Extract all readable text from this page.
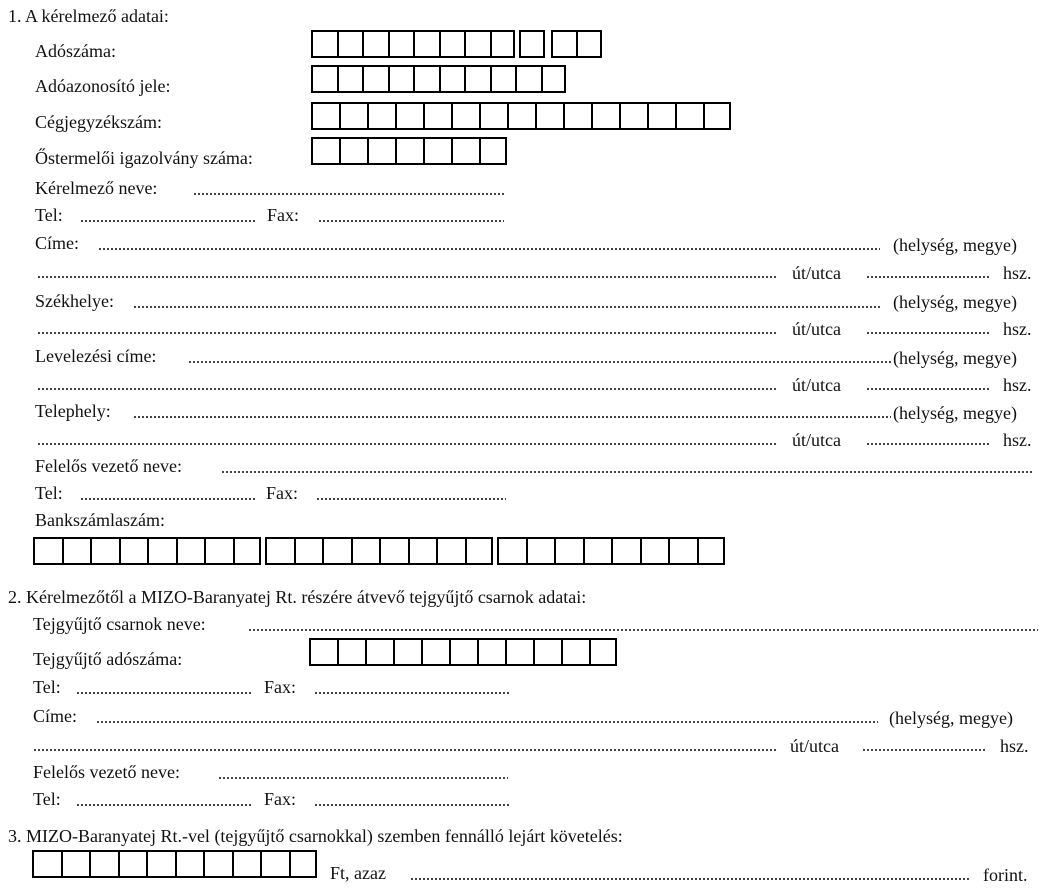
1. A kérelmező adatai:
Adószáma:
Adóazonosító jele:
Cégjegyzékszám:
Őstermelői igazolvány száma:
Kérelmező neve:
Tel:	Fax:
Címe:	(helység, megye)
út/utca	hsz.
Székhelye:	(helység, megye)
út/utca	hsz.
Levelezési címe:	(helység, megye)
út/utca	hsz.
Telephely:	(helység, megye)
út/utca	hsz.
Felelős vezető neve:
Tel:	Fax:
Bankszámlaszám:
2. Kérelmezőtől a MIZO-Baranyatej Rt. részére átvevő tejgyűjtő csarnok adatai:
Tejgyűjtő csarnok neve:
Tejgyűjtő adószáma:
Tel:	Fax:
Címe:	(helység, megye)
út/utca	hsz.
Felelős vezető neve:
Tel:	Fax:
3. MIZO-Baranyatej Rt.-vel (tejgyűjtő csarnokkal) szemben fennálló lejárt követelés:
Ft, azaz	forint.
